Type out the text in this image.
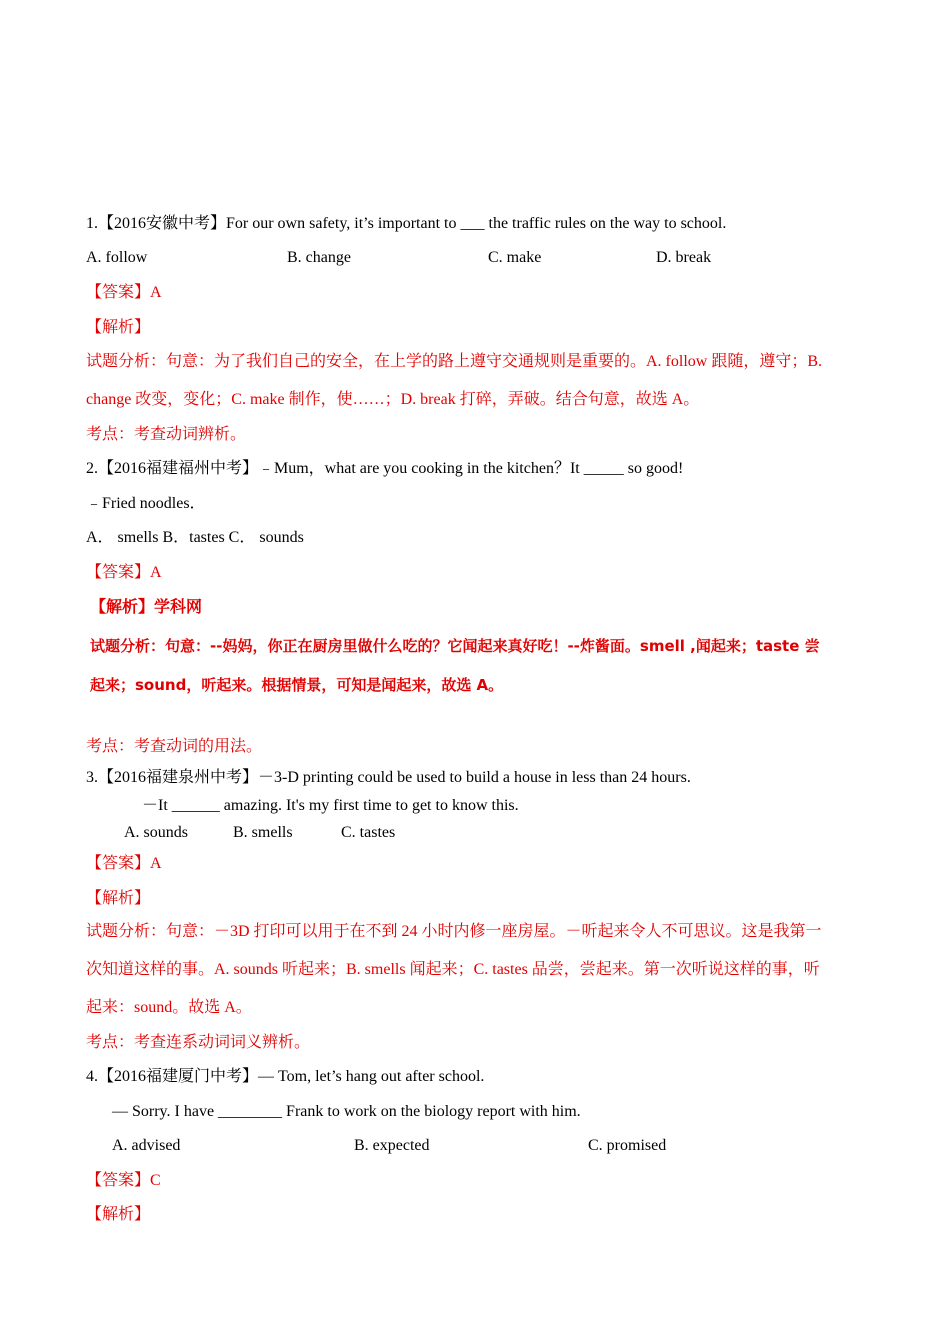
1.【2016安徽中考】For our own safety, it’s important to ___ the traffic rules on the way to school.
A. follow	B. change	C. make	D. break
【答案】A
【解析】
试题分析：句意：为了我们自己的安全，在上学的路上遵守交通规则是重要的。A. follow 跟随，遵守；B.
change 改变，变化；C. make 制作，使……；D. break 打碎，弄破。结合句意，故选 A。
考点：考查动词辨析。
2.【2016福建福州中考】﹣Mum，what are you cooking in the kitchen？It _____ so good!
﹣Fried noodles．
A． smells B．tastes C． sounds
【答案】A
【解析】学科网
试题分析：句意：--妈妈，你正在厨房里做什么吃的？它闻起来真好吃！--炸酱面。smell ,闻起来；taste 尝
起来；sound，听起来。根据情景，可知是闻起来，故选 A。
考点：考查动词的用法。
3.【2016福建泉州中考】－3-D printing could be used to build a house in less than 24 hours.
－It ______ amazing. It's my first time to get to know this.
A. sounds	B. smells	C. tastes
【答案】A
【解析】
试题分析：句意：－3D 打印可以用于在不到 24 小时内修一座房屋。－听起来令人不可思议。这是我第一
次知道这样的事。A. sounds 听起来；B. smells 闻起来；C. tastes 品尝，尝起来。第一次听说这样的事，听
起来：sound。故选 A。
考点：考查连系动词词义辨析。
4.【2016福建厦门中考】— Tom, let’s hang out after school.
— Sorry. I have ________ Frank to work on the biology report with him.
A. advised	B. expected	C. promised
【答案】C
【解析】
